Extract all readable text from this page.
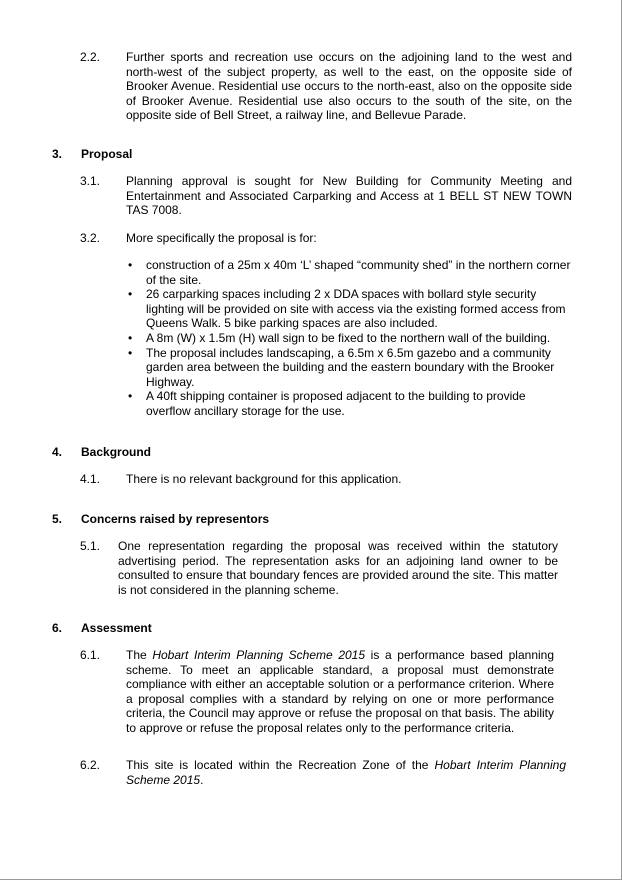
2.2. Further sports and recreation use occurs on the adjoining land to the west and north-west of the subject property, as well to the east, on the opposite side of Brooker Avenue. Residential use occurs to the north-east, also on the opposite side of Brooker Avenue. Residential use also occurs to the south of the site, on the opposite side of Bell Street, a railway line, and Bellevue Parade.
3. Proposal
3.1. Planning approval is sought for New Building for Community Meeting and Entertainment and Associated Carparking and Access at 1 BELL ST NEW TOWN TAS 7008.
3.2. More specifically the proposal is for:
• construction of a 25m x 40m ‘L’ shaped “community shed” in the northern corner of the site.
• 26 carparking spaces including 2 x DDA spaces with bollard style security lighting will be provided on site with access via the existing formed access from Queens Walk. 5 bike parking spaces are also included.
• A 8m (W) x 1.5m (H) wall sign to be fixed to the northern wall of the building.
• The proposal includes landscaping, a 6.5m x 6.5m gazebo and a community garden area between the building and the eastern boundary with the Brooker Highway.
• A 40ft shipping container is proposed adjacent to the building to provide overflow ancillary storage for the use.
4. Background
4.1. There is no relevant background for this application.
5. Concerns raised by representors
5.1. One representation regarding the proposal was received within the statutory advertising period. The representation asks for an adjoining land owner to be consulted to ensure that boundary fences are provided around the site. This matter is not considered in the planning scheme.
6. Assessment
6.1. The Hobart Interim Planning Scheme 2015 is a performance based planning scheme. To meet an applicable standard, a proposal must demonstrate compliance with either an acceptable solution or a performance criterion. Where a proposal complies with a standard by relying on one or more performance criteria, the Council may approve or refuse the proposal on that basis. The ability to approve or refuse the proposal relates only to the performance criteria.
6.2. This site is located within the Recreation Zone of the Hobart Interim Planning Scheme 2015.
